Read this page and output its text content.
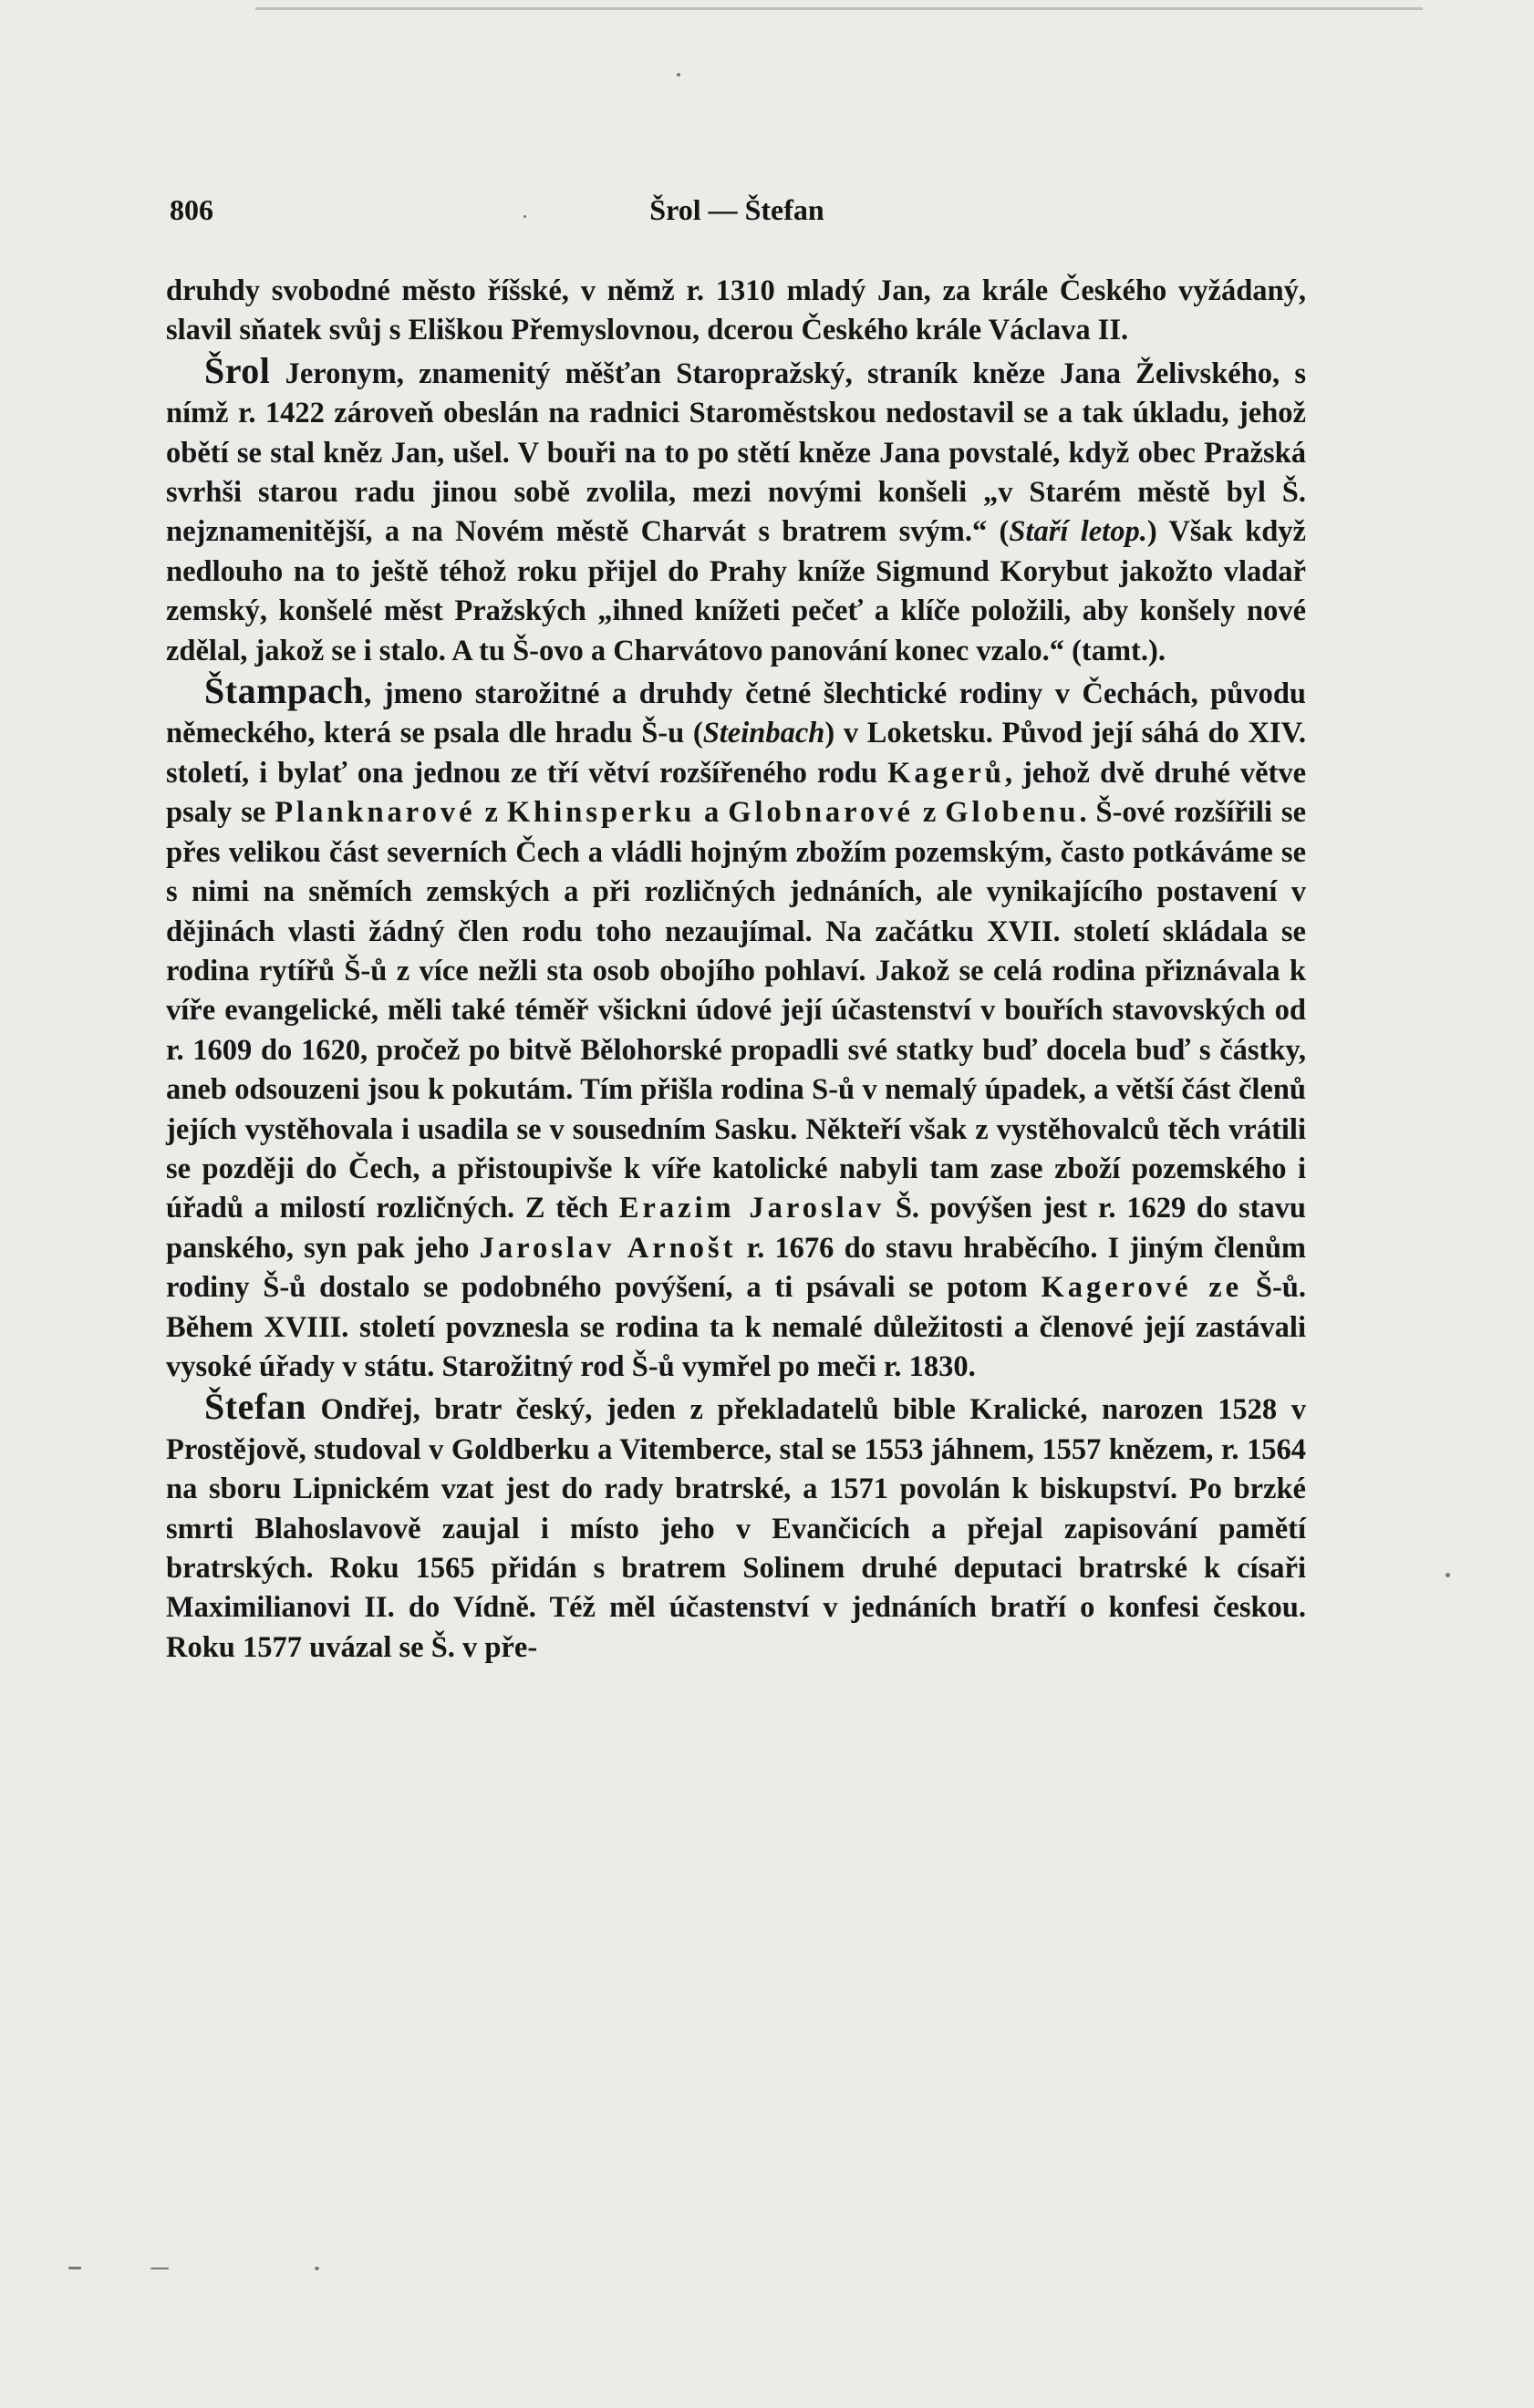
806	Šrol — Štefan

druhdy svobodné město říšské, v němž r. 1310 mladý Jan, za krále Českého vyžádaný, slavil sňatek svůj s Eliškou Přemyslovnou, dcerou Českého krále Václava II.

Šrol Jeronym, znamenitý měšťan Staropražský, straník kněze Jana Želivského, s nímž r. 1422 zároveň obeslán na radnici Staroměstskou nedostavil se a tak úkladu, jehož obětí se stal kněz Jan, ušel. V bouři na to po stětí kněze Jana povstalé, když obec Pražská svrhši starou radu jinou sobě zvolila, mezi novými konšeli „v Starém městě byl Š. nejznamenitější, a na Novém městě Charvát s bratrem svým.“ (Staří letop.) Však když nedlouho na to ještě téhož roku přijel do Prahy kníže Sigmund Korybut jakožto vladař zemský, konšelé měst Pražských „ihned knížeti pečeť a klíče položili, aby konšely nové zdělal, jakož se i stalo. A tu Š-ovo a Charvátovo panování konec vzalo.“ (tamt.).

Štampach, jmeno starožitné a druhdy četné šlechtické rodiny v Čechách, původu německého, která se psala dle hradu Š-u (Steinbach) v Loketsku. Původ její sáhá do XIV. století, i bylať ona jednou ze tří větví rozšířeného rodu Kagerů, jehož dvě druhé větve psaly se Planknarové z Khinsperku a Globnarové z Globenu. Š-ové rozšířili se přes velikou část severních Čech a vládli hojným zbožím pozemským, často potkáváme se s nimi na sněmích zemských a při rozličných jednáních, ale vynikajícího postavení v dějinách vlasti žádný člen rodu toho nezaujímal. Na začátku XVII. století skládala se rodina rytířů Š-ů z více nežli sta osob obojího pohlaví. Jakož se celá rodina přiznávala k víře evangelické, měli také téměř všickni údové její účastenství v bouřích stavovských od r. 1609 do 1620, pročež po bitvě Bělohorské propadli své statky buď docela buď s částky, aneb odsouzeni jsou k pokutám. Tím přišla rodina S-ů v nemalý úpadek, a větší část členů jejích vystěhovala i usadila se v sousedním Sasku. Někteří však z vystěhovalců těch vrátili se později do Čech, a přistoupivše k víře katolické nabyli tam zase zboží pozemského i úřadů a milostí rozličných. Z těch Erazim Jaroslav Š. povýšen jest r. 1629 do stavu panského, syn pak jeho Jaroslav Arnošt r. 1676 do stavu hraběcího. I jiným členům rodiny Š-ů dostalo se podobného povýšení, a ti psávali se potom Kagerové ze Š-ů. Během XVIII. století povznesla se rodina ta k nemalé důležitosti a členové její zastávali vysoké úřady v státu. Starožitný rod Š-ů vymřel po meči r. 1830.

Štefan Ondřej, bratr český, jeden z překladatelů bible Kralické, narozen 1528 v Prostějově, studoval v Goldberku a Vitemberce, stal se 1553 jáhnem, 1557 knězem, r. 1564 na sboru Lipnickém vzat jest do rady bratrské, a 1571 povolán k biskupství. Po brzké smrti Blahoslavově zaujal i místo jeho v Evančicích a přejal zapisování pamětí bratrských. Roku 1565 přidán s bratrem Solinem druhé deputaci bratrské k císaři Maximilianovi II. do Vídně. Též měl účastenství v jednáních bratří o konfesi českou. Roku 1577 uvázal se Š. v pře-
